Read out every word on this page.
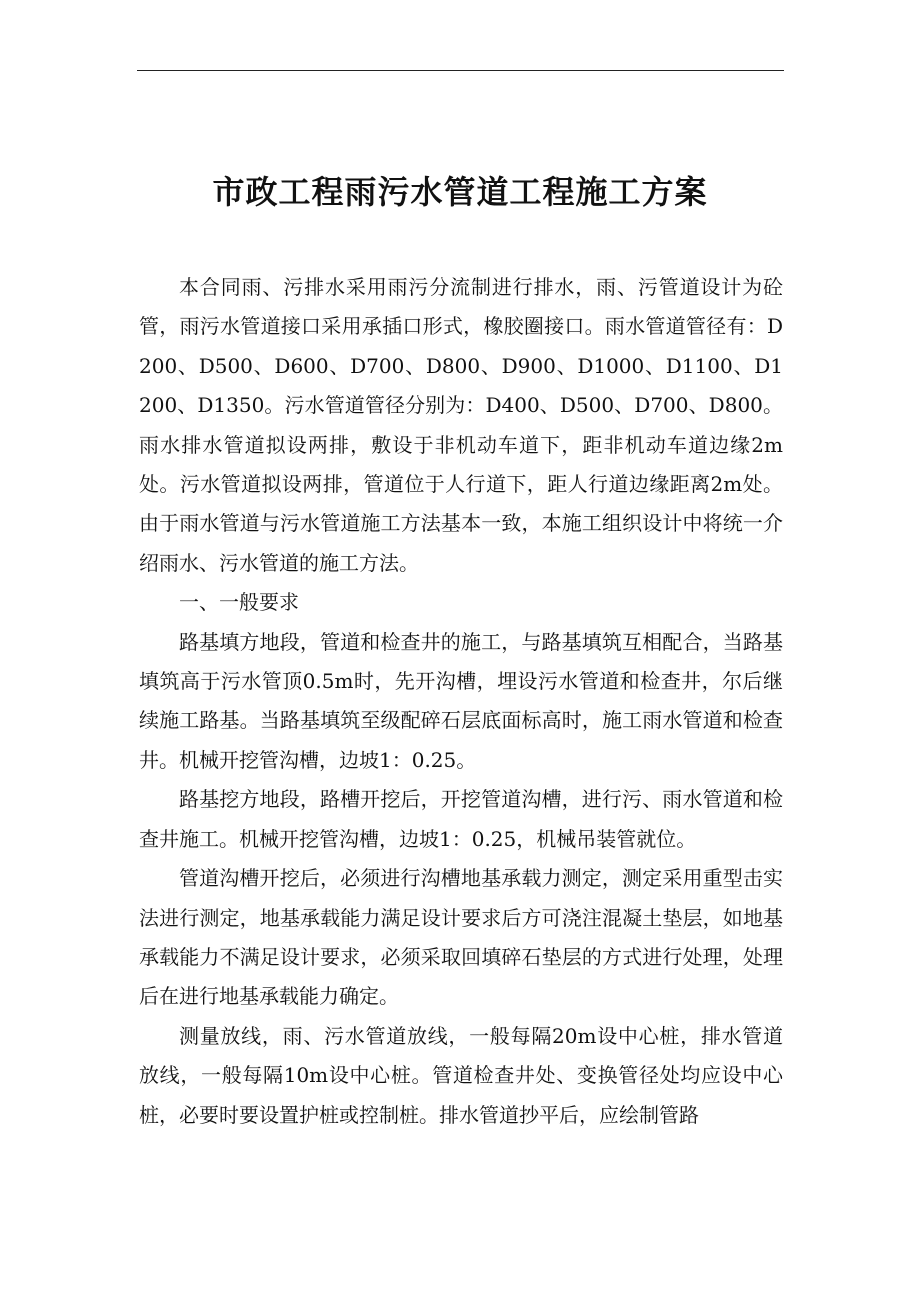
市政工程雨污水管道工程施工方案

本合同雨、污排水采用雨污分流制进行排水，雨、污管道设计为砼管，雨污水管道接口采用承插口形式，橡胶圈接口。雨水管道管径有：D200、D500、D600、D700、D800、D900、D1000、D1100、D1200、D1350。污水管道管径分别为：D400、D500、D700、D800。雨水排水管道拟设两排，敷设于非机动车道下，距非机动车道边缘2m处。污水管道拟设两排，管道位于人行道下，距人行道边缘距离2m处。由于雨水管道与污水管道施工方法基本一致，本施工组织设计中将统一介绍雨水、污水管道的施工方法。

一、一般要求

路基填方地段，管道和检查井的施工，与路基填筑互相配合，当路基填筑高于污水管顶0.5m时，先开沟槽，埋设污水管道和检查井，尔后继续施工路基。当路基填筑至级配碎石层底面标高时，施工雨水管道和检查井。机械开挖管沟槽，边坡1：0.25。

路基挖方地段，路槽开挖后，开挖管道沟槽，进行污、雨水管道和检查井施工。机械开挖管沟槽，边坡1：0.25，机械吊装管就位。

管道沟槽开挖后，必须进行沟槽地基承载力测定，测定采用重型击实法进行测定，地基承载能力满足设计要求后方可浇注混凝土垫层，如地基承载能力不满足设计要求，必须采取回填碎石垫层的方式进行处理，处理后在进行地基承载能力确定。

测量放线，雨、污水管道放线，一般每隔20m设中心桩，排水管道放线，一般每隔10m设中心桩。管道检查井处、变换管径处均应设中心桩，必要时要设置护桩或控制桩。排水管道抄平后，应绘制管路
